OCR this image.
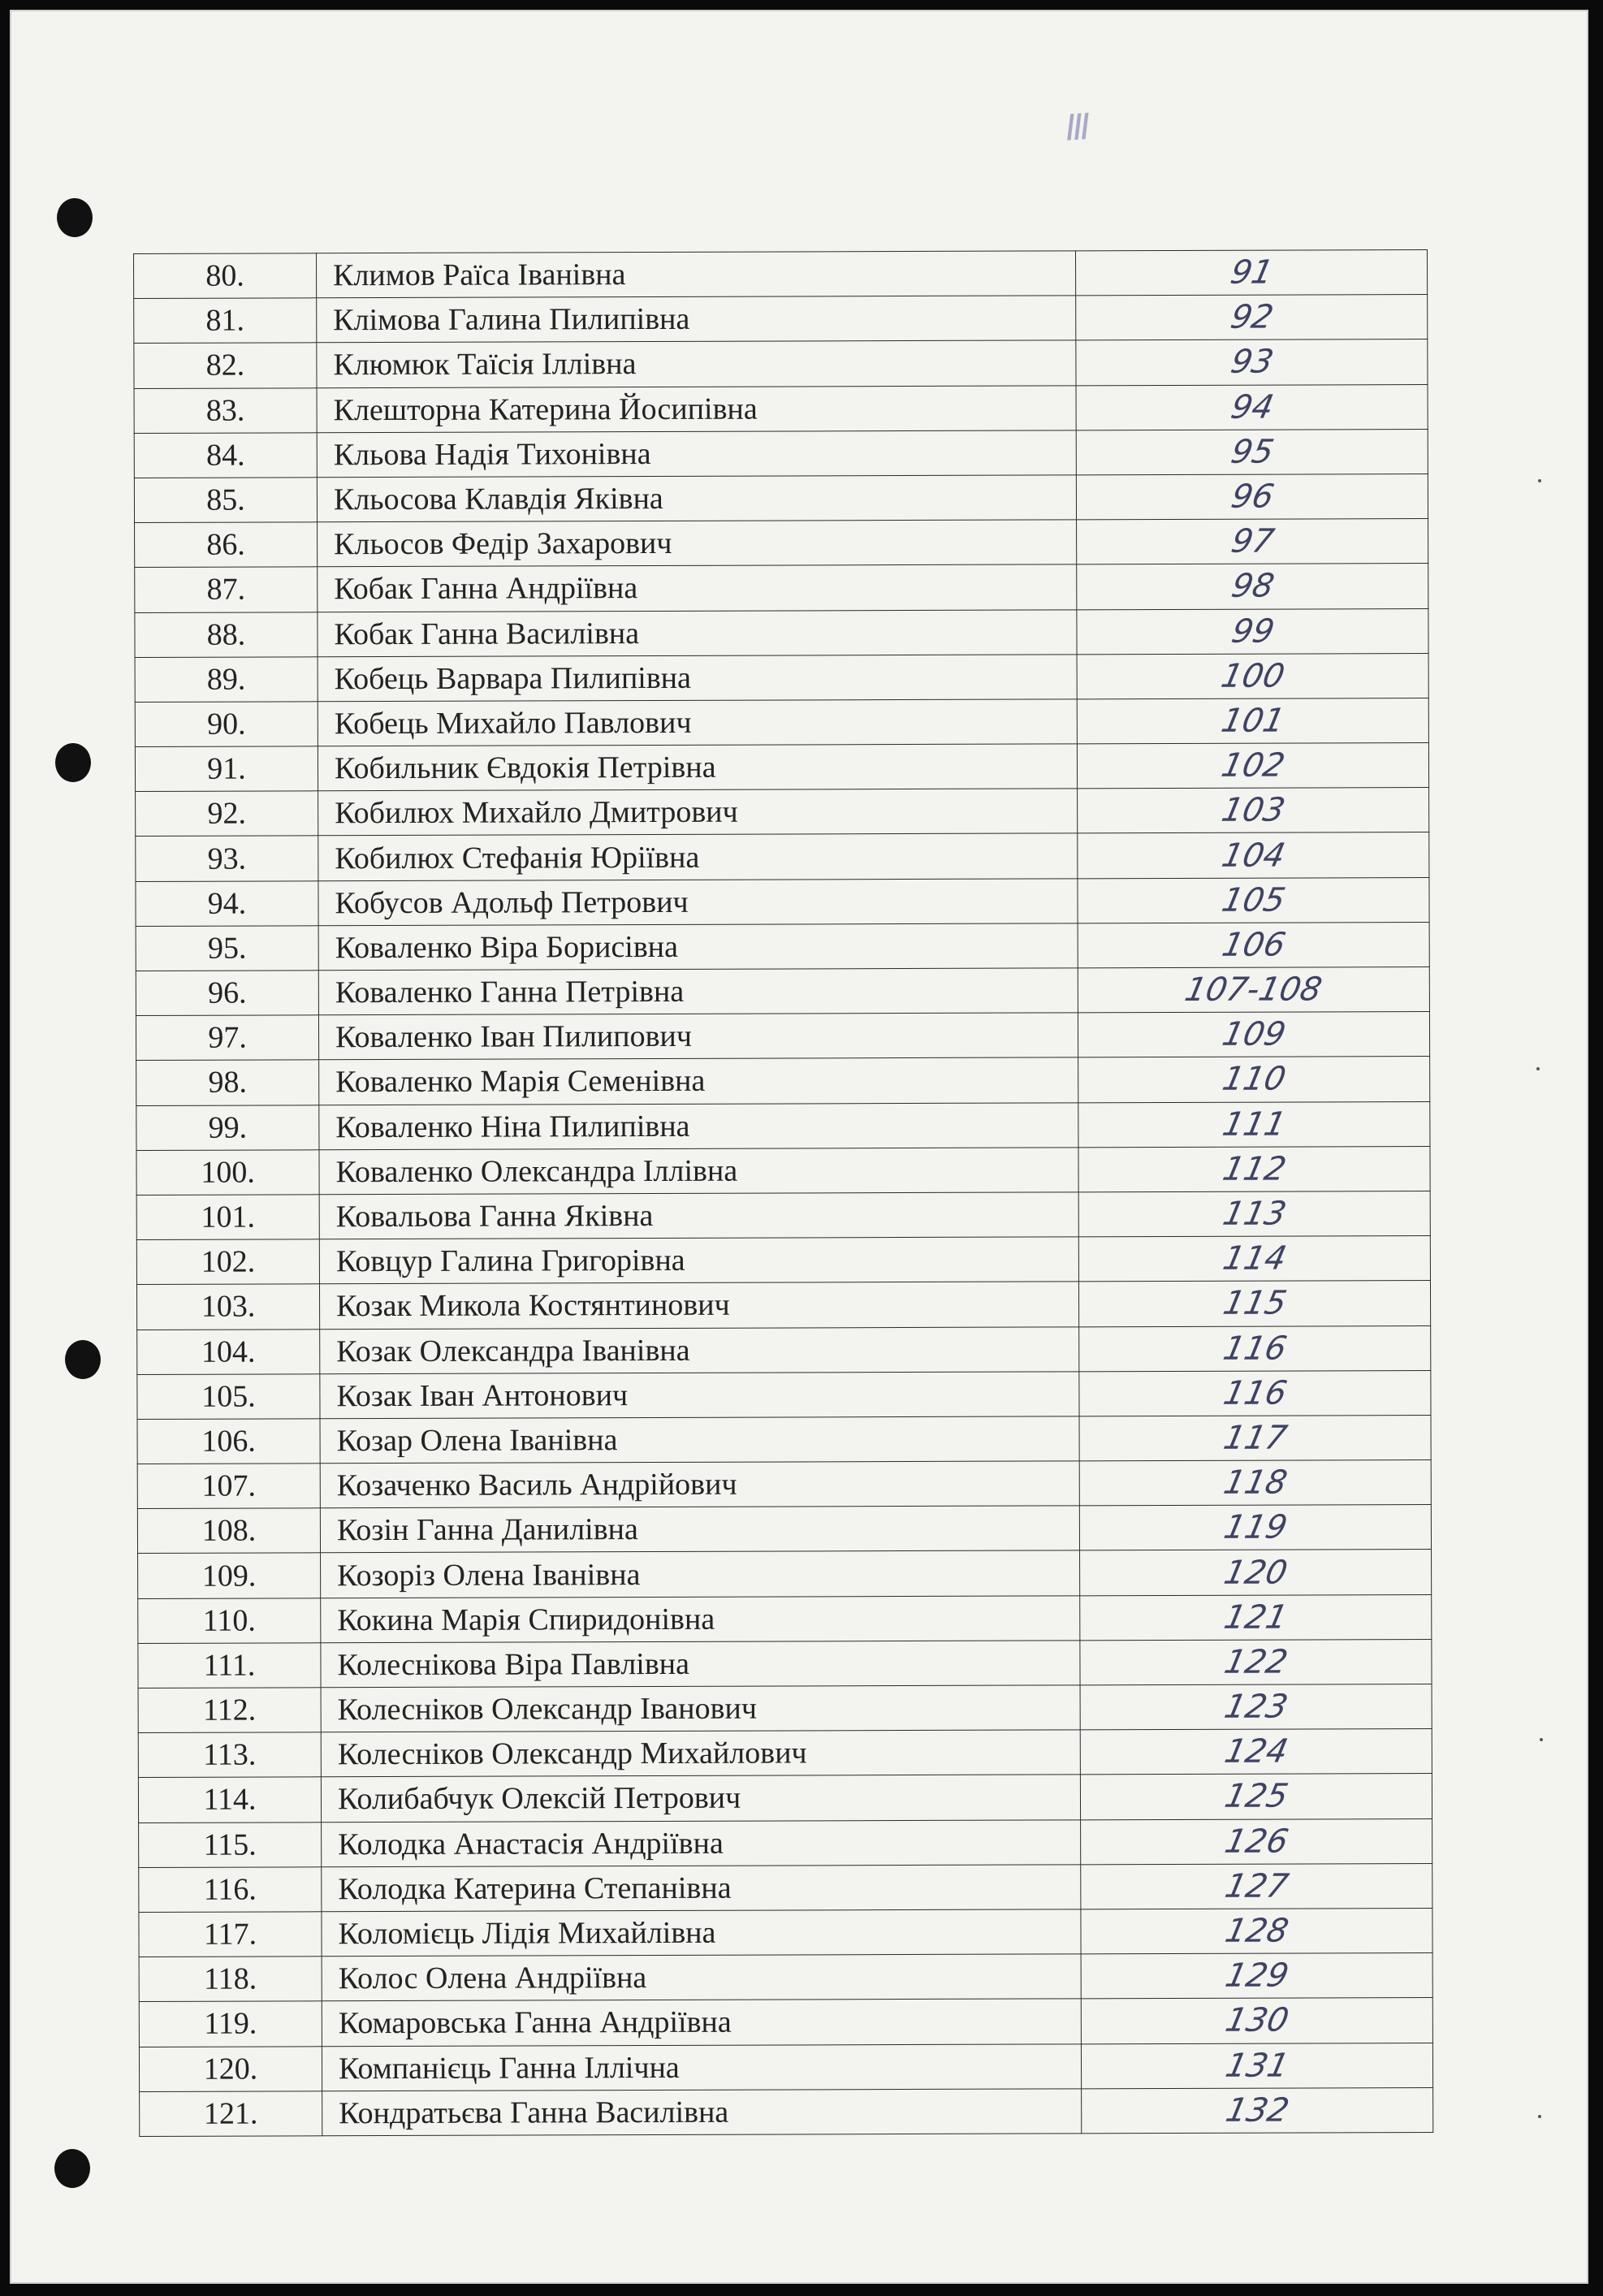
III
80.	Климов Раїса Іванівна	91
81.	Клімова Галина Пилипівна	92
82.	Клюмюк Таїсія Іллівна	93
83.	Клешторна Катерина Йосипівна	94
84.	Кльова Надія Тихонівна	95
85.	Кльосова Клавдія Яківна	96
86.	Кльосов Федір Захарович	97
87.	Кобак Ганна Андріївна	98
88.	Кобак Ганна Василівна	99
89.	Кобець Варвара Пилипівна	100
90.	Кобець Михайло Павлович	101
91.	Кобильник Євдокія Петрівна	102
92.	Кобилюх Михайло Дмитрович	103
93.	Кобилюх Стефанія Юріївна	104
94.	Кобусов Адольф Петрович	105
95.	Коваленко Віра Борисівна	106
96.	Коваленко Ганна Петрівна	107-108
97.	Коваленко Іван Пилипович	109
98.	Коваленко Марія Семенівна	110
99.	Коваленко Ніна Пилипівна	111
100.	Коваленко Олександра Іллівна	112
101.	Ковальова Ганна Яківна	113
102.	Ковцур Галина Григорівна	114
103.	Козак Микола Костянтинович	115
104.	Козак Олександра Іванівна	116
105.	Козак Іван Антонович	116
106.	Козар Олена Іванівна	117
107.	Козаченко Василь Андрійович	118
108.	Козін Ганна Данилівна	119
109.	Козоріз Олена Іванівна	120
110.	Кокина Марія Спиридонівна	121
111.	Колеснікова Віра Павлівна	122
112.	Колесніков Олександр Іванович	123
113.	Колесніков Олександр Михайлович	124
114.	Колибабчук Олексій Петрович	125
115.	Колодка Анастасія Андріївна	126
116.	Колодка Катерина Степанівна	127
117.	Коломієць Лідія Михайлівна	128
118.	Колос Олена Андріївна	129
119.	Комаровська Ганна Андріївна	130
120.	Компанієць Ганна Іллічна	131
121.	Кондратьєва Ганна Василівна	132
